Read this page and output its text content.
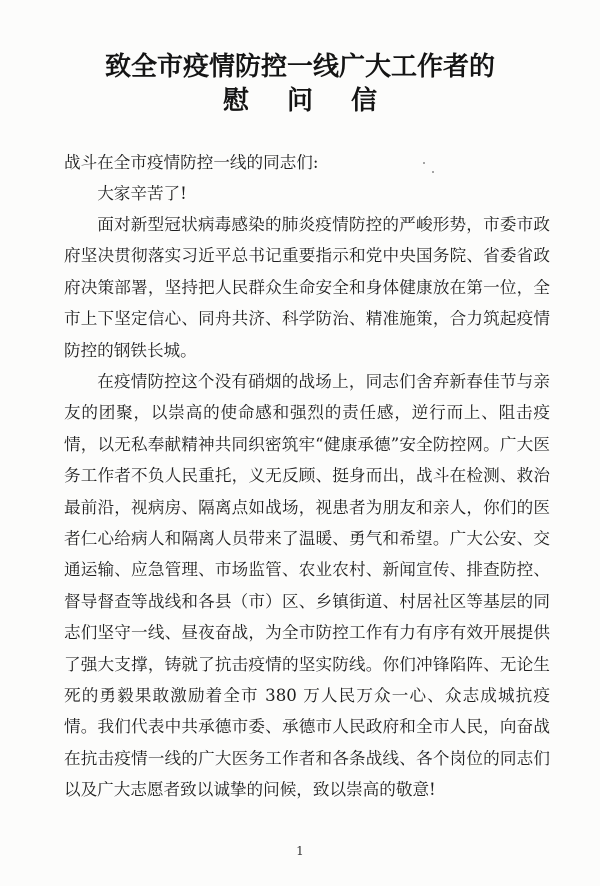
致全市疫情防控一线广大工作者的
慰问信

战斗在全市疫情防控一线的同志们:

大家辛苦了!

面对新型冠状病毒感染的肺炎疫情防控的严峻形势，市委市政府坚决贯彻落实习近平总书记重要指示和党中央国务院、省委省政府决策部署，坚持把人民群众生命安全和身体健康放在第一位，全市上下坚定信心、同舟共济、科学防治、精准施策，合力筑起疫情防控的钢铁长城。

在疫情防控这个没有硝烟的战场上，同志们舍弃新春佳节与亲友的团聚，以崇高的使命感和强烈的责任感，逆行而上、阻击疫情，以无私奉献精神共同织密筑牢“健康承德”安全防控网。广大医务工作者不负人民重托，义无反顾、挺身而出，战斗在检测、救治最前沿，视病房、隔离点如战场，视患者为朋友和亲人，你们的医者仁心给病人和隔离人员带来了温暖、勇气和希望。广大公安、交通运输、应急管理、市场监管、农业农村、新闻宣传、排查防控、督导督查等战线和各县（市）区、乡镇街道、村居社区等基层的同志们坚守一线、昼夜奋战，为全市防控工作有力有序有效开展提供了强大支撑，铸就了抗击疫情的坚实防线。你们冲锋陷阵、无论生死的勇毅果敢激励着全市 380 万人民万众一心、众志成城抗疫情。我们代表中共承德市委、承德市人民政府和全市人民，向奋战在抗击疫情一线的广大医务工作者和各条战线、各个岗位的同志们以及广大志愿者致以诚挚的问候，致以崇高的敬意!

1
